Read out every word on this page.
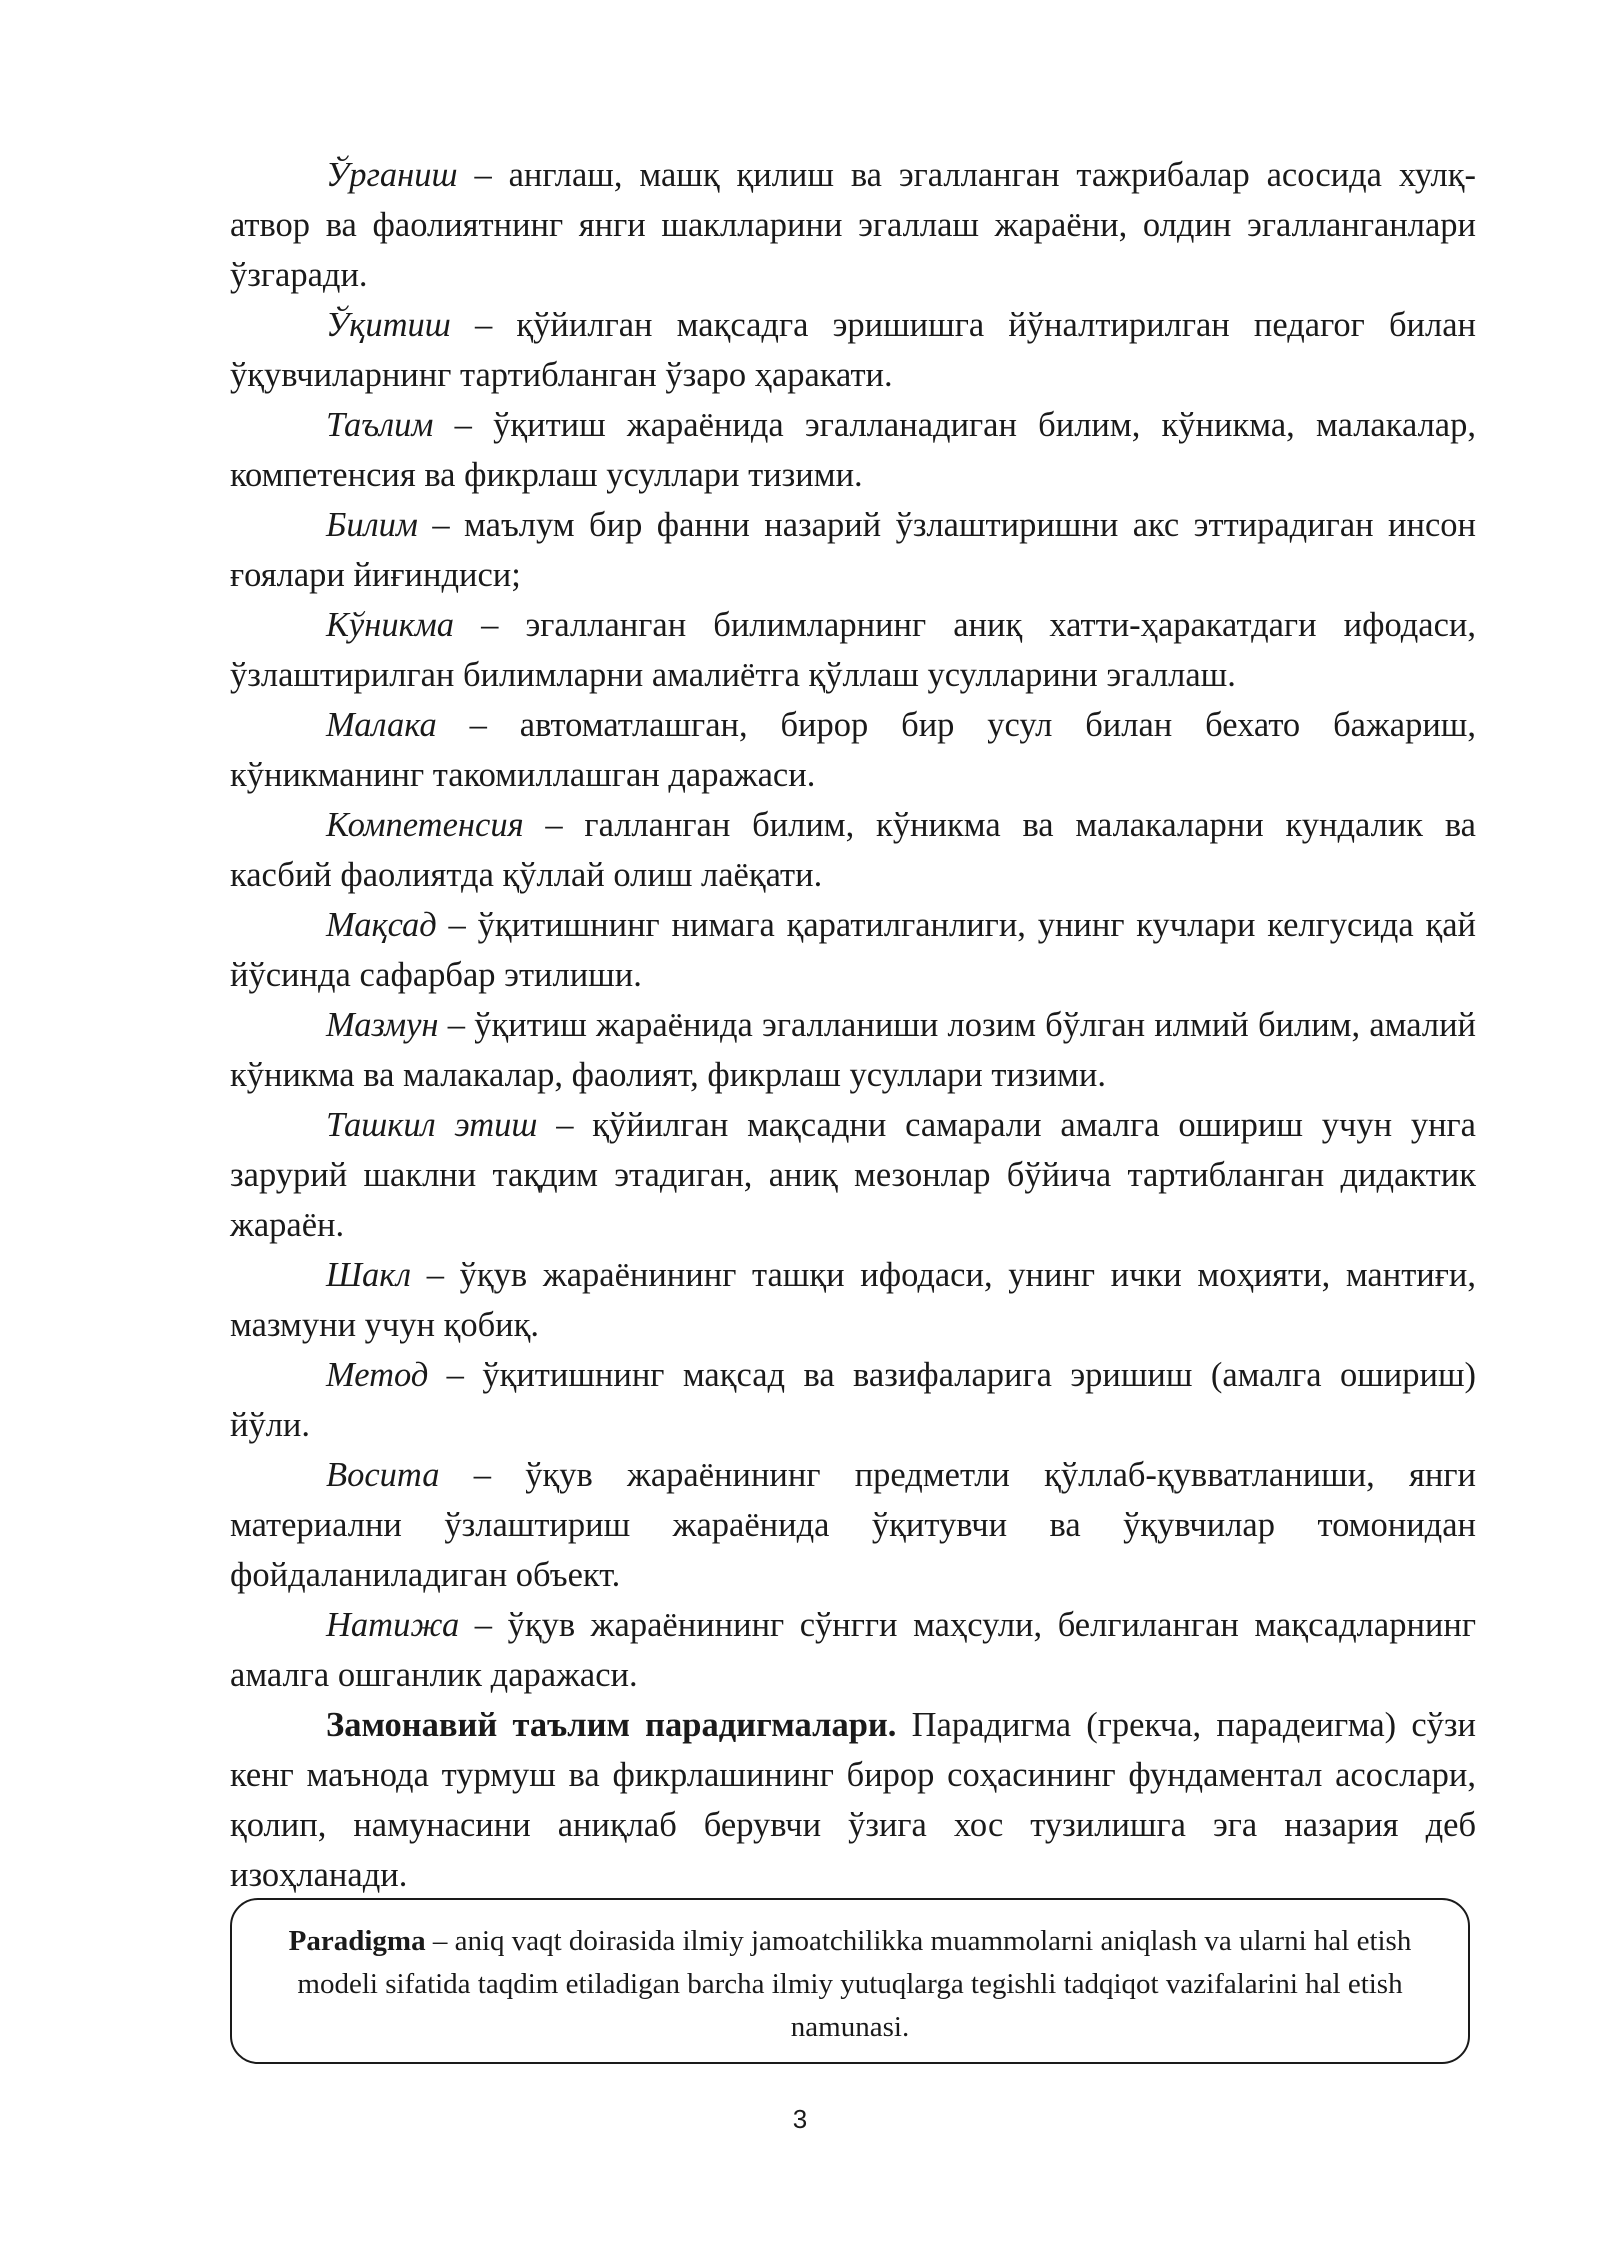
Ўрганиш – англаш, машқ қилиш ва эгалланган тажрибалар асосида хулқ-атвор ва фаолиятнинг янги шаклларини эгаллаш жараёни, олдин эгалланганлари ўзгаради.

Ўқитиш – қўйилган мақсадга эришишга йўналтирилган педагог билан ўқувчиларнинг тартибланган ўзаро ҳаракати.

Таълим – ўқитиш жараёнида эгалланадиган билим, кўникма, малакалар, компетенсия ва фикрлаш усуллари тизими.

Билим – маълум бир фанни назарий ўзлаштиришни акс эттирадиган инсон ғоялари йиғиндиси;

Кўникма – эгалланган билимларнинг аниқ хатти-ҳаракатдаги ифодаси, ўзлаштирилган билимларни амалиётга қўллаш усулларини эгаллаш.

Малака – автоматлашган, бирор бир усул билан бехато бажариш, кўникманинг такомиллашган даражаси.

Компетенсия – галланган билим, кўникма ва малакаларни кундалик ва касбий фаолиятда қўллай олиш лаёқати.

Мақсад – ўқитишнинг нимага қаратилганлиги, унинг кучлари келгусида қай йўсинда сафарбар этилиши.

Мазмун – ўқитиш жараёнида эгалланиши лозим бўлган илмий билим, амалий кўникма ва малакалар, фаолият, фикрлаш усуллари тизими.

Ташкил этиш – қўйилган мақсадни самарали амалга ошириш учун унга зарурий шаклни тақдим этадиган, аниқ мезонлар бўйича тартибланган дидактик жараён.

Шакл – ўқув жараёнининг ташқи ифодаси, унинг ички моҳияти, мантиғи, мазмуни учун қобиқ.

Метод – ўқитишнинг мақсад ва вазифаларига эришиш (амалга ошириш) йўли.

Восита – ўқув жараёнининг предметли қўллаб-қувватланиши, янги материални ўзлаштириш жараёнида ўқитувчи ва ўқувчилар томонидан фойдаланиладиган объект.

Натижа – ўқув жараёнининг сўнгги маҳсули, белгиланган мақсадларнинг амалга ошганлик даражаси.

Замонавий таълим парадигмалари. Парадигма (грекча, парадеигма) сўзи кенг маънода турмуш ва фикрлашининг бирор соҳасининг фундаментал асослари, қолип, намунасини аниқлаб берувчи ўзига хос тузилишга эга назария деб изоҳланади.

Paradigma – aniq vaqt doirasida ilmiy jamoatchilikka muammolarni aniqlash va ularni hal etish modeli sifatida taqdim etiladigan barcha ilmiy yutuqlarga tegishli tadqiqot vazifalarini hal etish namunasi.
3
